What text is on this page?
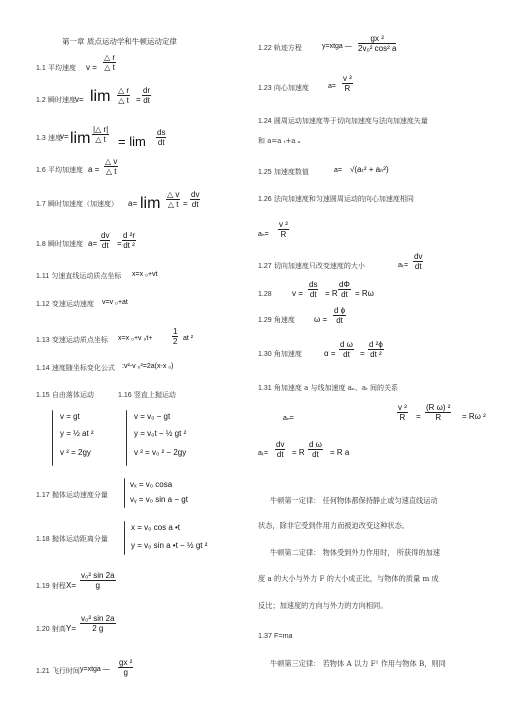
第一章 质点运动学和牛顿运动定律
1.1 平均速度 $v = \frac{\triangle r}{\triangle t}$
1.2 瞬时速度 $v= \lim \frac{\triangle r}{\triangle t} = \frac{dr}{dt}$
1.3 速度
$v= \lim \frac{|\triangle r|}{\triangle t} = \lim \frac{ds}{dt}$
1.6 平均加速度 $a = \frac{\triangle v}{\triangle t}$
1.7 瞬时加速度（加速度） $a= \lim \frac{\triangle v}{\triangle t} = \frac{dv}{dt}$
1.8 瞬时加速度 $a= \frac{dv}{dt} = \frac{\text{d ²r}}{\text{dt ²}}$
1.11 匀速直线运动质点坐标 x=x ₀+vt
1.12 变速运动速度 v=v ₀+at
1.13 变速运动质点坐标 x=x ₀+v $_0t+ \frac{1}{2}$ at ²
1.14 速度随坐标变化公式 :v²-v ₀²=2a(x-x ₀)
1.15 自由落体运动	1.16 竖直上抛运动
v = gt
y = ½ at ²
v ² = 2gy
v = v₀ − gt
y = v₀t − ½ gt ²
v ² = v₀ ² − 2gy
1.17 抛体运动速度分量
vₓ = v₀ cosa
vᵧ = v₀ sin a − gt
1.18 抛体运动距离分量
x = v₀ cos a •t
y = v₀ sin a •t − ½ gt ²
1.19 射程 $X= \frac{\text{v₀² sin 2a}}{g}$
1.20 射高 $Y= \frac{\text{v₀² sin 2a}}{2 g}$
1.21 飞行时间 y=xtga — $\frac{\text{gx ²}}{g}$
1.22 轨迹方程	y=xtga — $\frac{\text{gx ²}}{\text{2v₀² cos² a}}$
1.23 向心加速度	$a= \frac{\text{v ²}}{R}$
1.24 圆周运动加速度等于切向加速度与法向加速度矢量
和 a=a ₜ+a ₙ
1.25 加速度数值	a= √(aₜ² + aₙ²)
1.26 法向加速度和匀速圆周运动的向心加速度相同
$a_n= \frac{\text{v ²}}{R}$
1.27 切向加速度只改变速度的大小	$a_t= \frac{dv}{dt}$
1.28	$v = \frac{ds}{dt} = R \frac{d\Phi}{dt} = R\omega$
1.29 角速度 $\omega = \frac{\text{d ϕ}}{dt}$
1.30 角加速度	$\alpha = \frac{\text{d ω}}{dt} = \frac{\text{d ²ϕ}}{\text{dt ²}}$
1.31 角加速度 a 与线加速度 aₙ、aₜ 间的关系
aₙ=	$\frac{\text{v ²}}{R} = \frac{\text{(R ω) ²}}{R} = R\omega$ ²
$a_t= \frac{dv}{dt} = R \frac{\text{d ω}}{dt} = R$ a
牛顿第一定律： 任何物体都保持静止或匀速直线运动
状态，除非它受到作用力而被迫改变这种状态。
牛顿第二定律： 物体受到外力作用时， 所获得的加速
度 a 的大小与外力 F 的大小成正比，与物体的质量 m 成
反比；加速度的方向与外力的方向相同。
1.37 F=ma
牛顿第三定律： 若物体 A 以力 F¹ 作用与物体 B，则同
